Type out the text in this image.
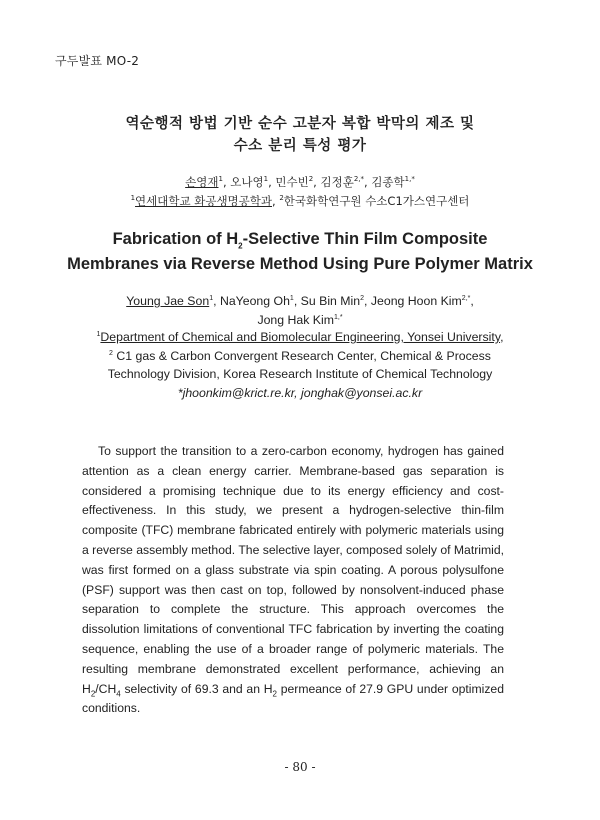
구두발표 MO-2
역순행적 방법 기반 순수 고분자 복합 박막의 제조 및
수소 분리 특성 평가
손영재$^1$, 오나영$^1$, 민수빈$^2$, 김정훈$^{2,*}$, 김종학$^{1,*}$
$^1$연세대학교 화공생명공학과, $^2$한국화학연구원 수소C1가스연구센터
Fabrication of $H_2$-Selective Thin Film Composite
Membranes via Reverse Method Using Pure Polymer Matrix
Young Jae Son$^1$, NaYeong Oh$^1$, Su Bin Min$^2$, Jeong Hoon Kim$^{2,*}$,
Jong Hak Kim$^{1,*}$
$^1$Department of Chemical and Biomolecular Engineering, Yonsei University,
$^2$ C1 gas & Carbon Convergent Research Center, Chemical & Process
Technology Division, Korea Research Institute of Chemical Technology
*jhoonkim@krict.re.kr, jonghak@yonsei.ac.kr

To support the transition to a zero-carbon economy, hydrogen has gained attention as a clean energy carrier. Membrane-based gas separation is considered a promising technique due to its energy efficiency and cost-effectiveness. In this study, we present a hydrogen-selective thin-film composite (TFC) membrane fabricated entirely with polymeric materials using a reverse assembly method. The selective layer, composed solely of Matrimid, was first formed on a glass substrate via spin coating. A porous polysulfone (PSF) support was then cast on top, followed by nonsolvent-induced phase separation to complete the structure. This approach overcomes the dissolution limitations of conventional TFC fabrication by inverting the coating sequence, enabling the use of a broader range of polymeric materials. The resulting membrane demonstrated excellent performance, achieving an $H_2/CH_4$ selectivity of 69.3 and an $H_2$ permeance of 27.9 GPU under optimized conditions.

- 80 -
